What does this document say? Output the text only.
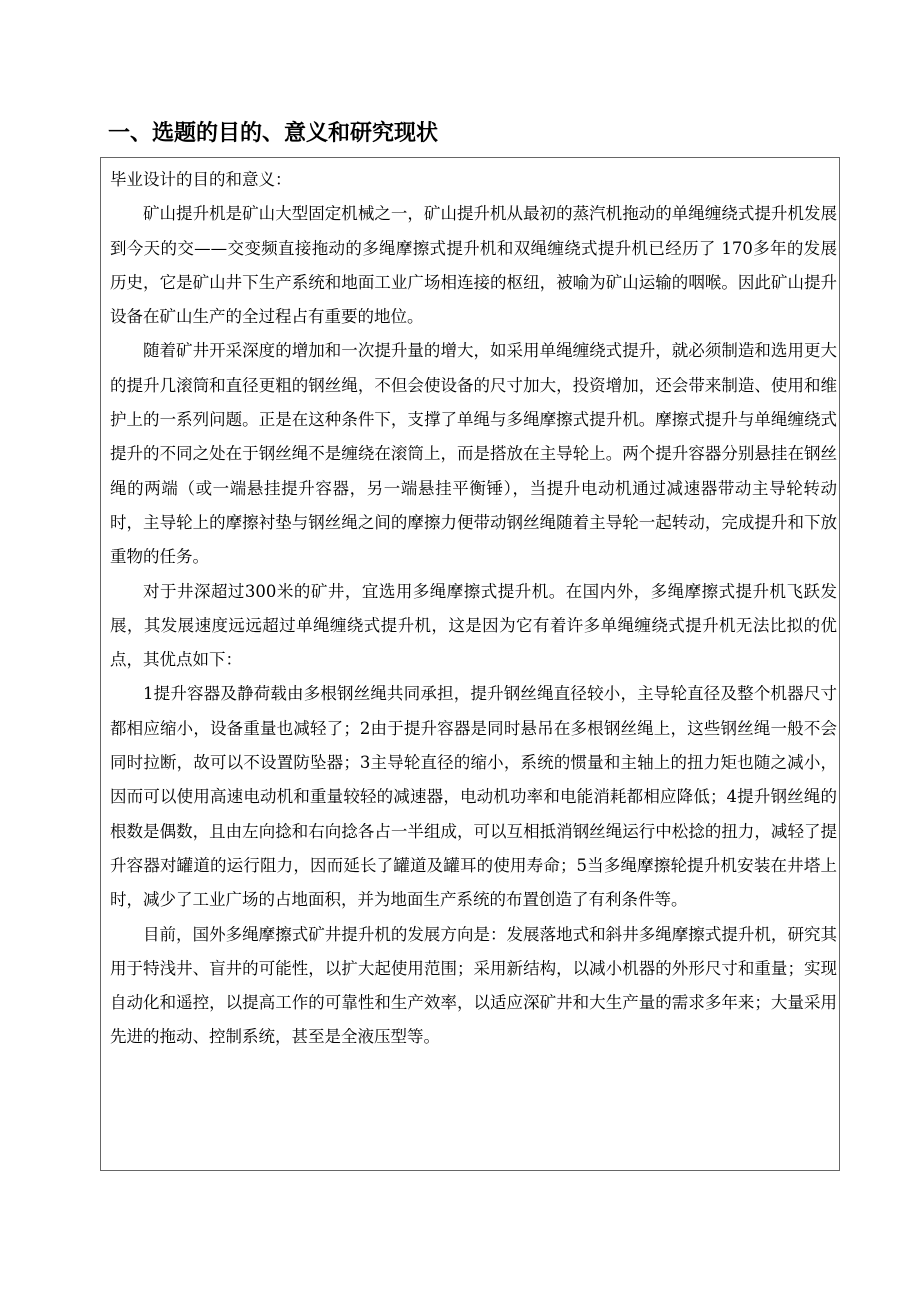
一、选题的目的、意义和研究现状

毕业设计的目的和意义：

矿山提升机是矿山大型固定机械之一，矿山提升机从最初的蒸汽机拖动的单绳缠绕式提升机发展到今天的交——交变频直接拖动的多绳摩擦式提升机和双绳缠绕式提升机已经历了 170多年的发展历史，它是矿山井下生产系统和地面工业广场相连接的枢纽，被喻为矿山运输的咽喉。因此矿山提升设备在矿山生产的全过程占有重要的地位。

随着矿井开采深度的增加和一次提升量的增大，如采用单绳缠绕式提升，就必须制造和选用更大的提升几滚筒和直径更粗的钢丝绳，不但会使设备的尺寸加大，投资增加，还会带来制造、使用和维护上的一系列问题。正是在这种条件下，支撑了单绳与多绳摩擦式提升机。摩擦式提升与单绳缠绕式提升的不同之处在于钢丝绳不是缠绕在滚筒上，而是搭放在主导轮上。两个提升容器分别悬挂在钢丝绳的两端（或一端悬挂提升容器，另一端悬挂平衡锤），当提升电动机通过减速器带动主导轮转动时，主导轮上的摩擦衬垫与钢丝绳之间的摩擦力便带动钢丝绳随着主导轮一起转动，完成提升和下放重物的任务。

对于井深超过300米的矿井，宜选用多绳摩擦式提升机。在国内外，多绳摩擦式提升机飞跃发展，其发展速度远远超过单绳缠绕式提升机，这是因为它有着许多单绳缠绕式提升机无法比拟的优点，其优点如下：

1提升容器及静荷载由多根钢丝绳共同承担，提升钢丝绳直径较小，主导轮直径及整个机器尺寸都相应缩小，设备重量也减轻了；2由于提升容器是同时悬吊在多根钢丝绳上，这些钢丝绳一般不会同时拉断，故可以不设置防坠器；3主导轮直径的缩小，系统的惯量和主轴上的扭力矩也随之减小，因而可以使用高速电动机和重量较轻的减速器，电动机功率和电能消耗都相应降低；4提升钢丝绳的根数是偶数，且由左向捻和右向捻各占一半组成，可以互相抵消钢丝绳运行中松捻的扭力，减轻了提升容器对罐道的运行阻力，因而延长了罐道及罐耳的使用寿命；5当多绳摩擦轮提升机安装在井塔上时，减少了工业广场的占地面积，并为地面生产系统的布置创造了有利条件等。

目前，国外多绳摩擦式矿井提升机的发展方向是：发展落地式和斜井多绳摩擦式提升机，研究其用于特浅井、盲井的可能性，以扩大起使用范围；采用新结构，以减小机器的外形尺寸和重量；实现自动化和遥控，以提高工作的可靠性和生产效率，以适应深矿井和大生产量的需求多年来；大量采用先进的拖动、控制系统，甚至是全液压型等。
